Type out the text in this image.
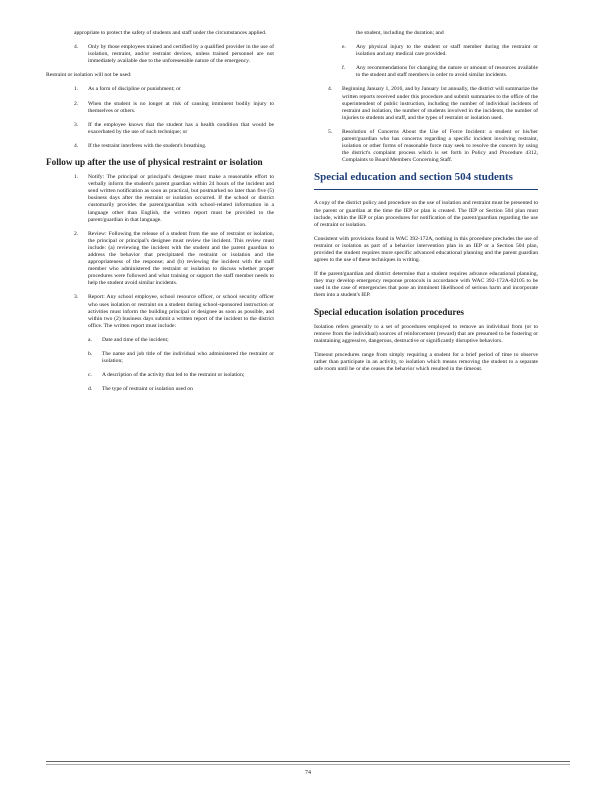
appropriate to protect the safety of students and staff under the circumstances applied.

4. Only by those employees trained and certified by a qualified provider in the use of isolation, restraint, and/or restraint devices, unless trained personnel are not immediately available due to the unforeseeable nature of the emergency.

Restraint or isolation will not be used:

1. As a form of discipline or punishment; or
2. When the student is no longer at risk of causing imminent bodily injury to themselves or others.
3. If the employee knows that the student has a health condition that would be exacerbated by the use of such technique; or
4. If the restraint interferes with the student's breathing.
Follow up after the use of physical restraint or isolation
1. Notify: The principal or principal's designee must make a reasonable effort to verbally inform the student's parent guardian within 24 hours of the incident and send written notification as soon as practical, but postmarked no later than five (5) business days after the restraint or isolation occurred. If the school or district customarily provides the parent/guardian with school-related information in a language other than English, the written report must be provided to the parent/guardian in that language.
2. Review: Following the release of a student from the use of restraint or isolation, the principal or principal's designee must review the incident. This review must include: (a) reviewing the incident with the student and the parent guardian to address the behavior that precipitated the restraint or isolation and the appropriateness of the response; and (b) reviewing the incident with the staff member who administered the restraint or isolation to discuss whether proper procedures were followed and what training or support the staff member needs to help the student avoid similar incidents.
3. Report: Any school employee, school resource officer, or school security officer who uses isolation or restraint on a student during school-sponsored instruction or activities must inform the building principal or designee as soon as possible, and within two (2) business days submit a written report of the incident to the district office. The written report must include:
a. Date and time of the incident;
b. The name and job title of the individual who administered the restraint or isolation;
c. A description of the activity that led to the restraint or isolation;
d. The type of restraint or isolation used on

the student, including the duration; and

e. Any physical injury to the student or staff member during the restraint or isolation and any medical care provided.
f. Any recommendations for changing the nature or amount of resources available to the student and staff members in order to avoid similar incidents.
4. Beginning January 1, 2016, and by January 1st annually, the district will summarize the written reports received under this procedure and submit summaries to the office of the superintendent of public instruction, including the number of individual incidents of restraint and isolation, the number of students involved in the incidents, the number of injuries to students and staff, and the types of restraint or isolation used.
5. Resolution of Concerns About the Use of Force Incident: a student or his/her parent/guardian who has concerns regarding a specific incident involving restraint, isolation or other forms of reasonable force may seek to resolve the concern by using the district's complaint process which is set forth in Policy and Procedure 4312, Complaints to Board Members Concerning Staff.
Special education and section 504 students

A copy of the district policy and procedure on the use of isolation and restraint must be presented to the parent or guardian at the time the IEP or plan is created. The IEP or Section 504 plan must include, within the IEP or plan procedures for notification of the parent/guardian regarding the use of restraint or isolation.

Consistent with provisions found in WAC 392-172A, nothing in this procedure precludes the use of restraint or isolation as part of a behavior intervention plan in an IEP or a Section 504 plan, provided the student requires more specific advanced educational planning and the parent guardian agrees to the use of these techniques in writing.

If the parent/guardian and district determine that a student requires advance educational planning, they may develop emergency response protocols in accordance with WAC 392-172A-02105 to be used in the case of emergencies that pose an imminent likelihood of serious harm and incorporate them into a student's IEP.

Special education isolation procedures

Isolation refers generally to a set of procedures employed to remove an individual from (or to remove from the individual) sources of reinforcement (reward) that are presumed to be fostering or maintaining aggressive, dangerous, destructive or significantly disruptive behaviors.

Timeout procedures range from simply requiring a student for a brief period of time to observe rather than participate in an activity, to isolation which means removing the student to a separate safe room until he or she ceases the behavior which resulted in the timeout.

74
